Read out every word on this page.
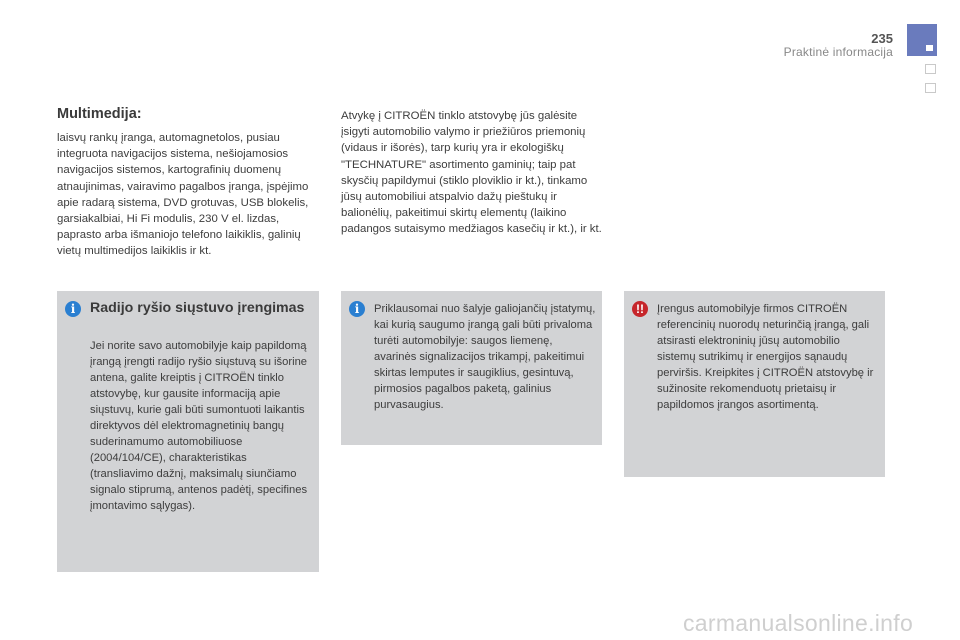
235
Praktinė informacija
Multimedija:
laisvų rankų įranga, automagnetolos, pusiau integruota navigacijos sistema, nešiojamosios navigacijos sistemos, kartografinių duomenų atnaujinimas, vairavimo pagalbos įranga, įspėjimo apie radarą sistema, DVD grotuvas, USB blokelis, garsiakalbiai, Hi Fi modulis, 230 V el. lizdas, paprasto arba išmaniojo telefono laikiklis, galinių vietų multimedijos laikiklis ir kt.
Atvykę į CITROËN tinklo atstovybę jūs galėsite įsigyti automobilio valymo ir priežiūros priemonių (vidaus ir išorės), tarp kurių yra ir ekologiškų "TECHNATURE" asortimento gaminių; taip pat skysčių papildymui (stiklo ploviklio ir kt.), tinkamo jūsų automobiliui atspalvio dažų pieštukų ir balionėlių, pakeitimui skirtų elementų (laikino padangos sutaisymo medžiagos kasečių ir kt.), ir kt.
i	Radijo ryšio siųstuvo įrengimas
Jei norite savo automobilyje kaip papildomą įrangą įrengti radijo ryšio siųstuvą su išorine antena, galite kreiptis į CITROËN tinklo atstovybę, kur gausite informaciją apie siųstuvų, kurie gali būti sumontuoti laikantis direktyvos dėl elektromagnetinių bangų suderinamumo automobiliuose (2004/104/CE), charakteristikas (transliavimo dažnį, maksimalų siunčiamo signalo stiprumą, antenos padėtį, specifines įmontavimo sąlygas).
i	Priklausomai nuo šalyje galiojančių įstatymų, kai kurią saugumo įrangą gali būti privaloma turėti automobilyje: saugos liemenę, avarinės signalizacijos trikampį, pakeitimui skirtas lemputes ir saugiklius, gesintuvą, pirmosios pagalbos paketą, galinius purvasaugius.
!!	Įrengus automobilyje firmos CITROËN referencinių nuorodų neturinčią įrangą, gali atsirasti elektroninių jūsų automobilio sistemų sutrikimų ir energijos sąnaudų perviršis. Kreipkites į CITROËN atstovybę ir sužinosite rekomenduotų prietaisų ir papildomos įrangos asortimentą.
carmanualsonline.info
